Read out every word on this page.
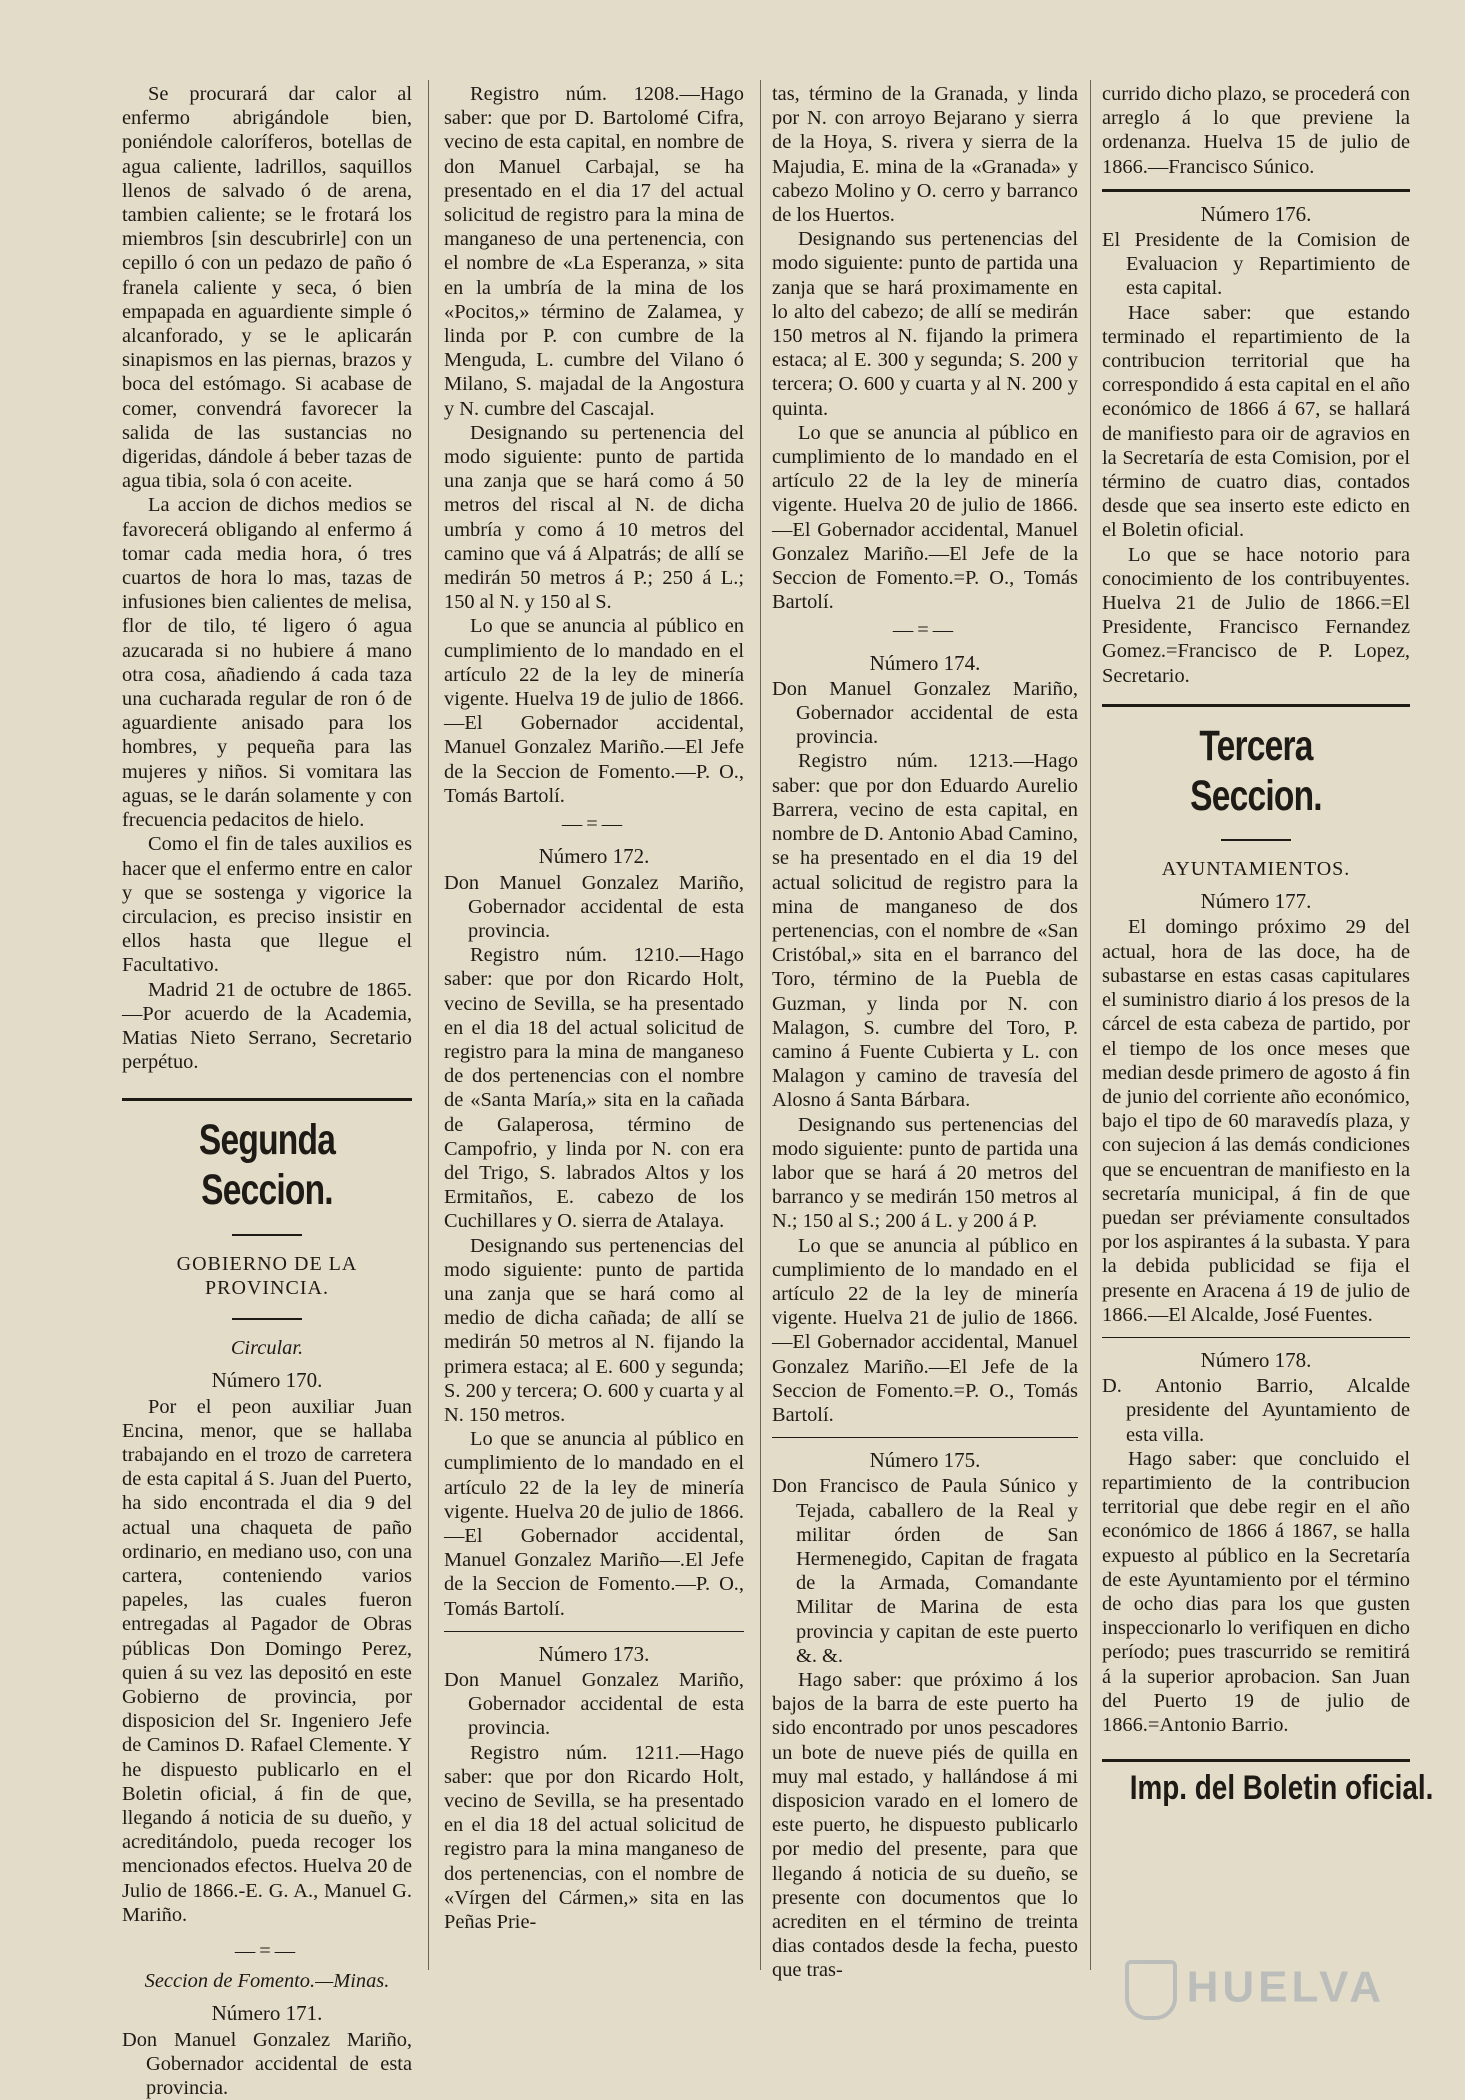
Se procurará dar calor al enfermo abrigándole bien, poniéndole caloríferos, botellas de agua caliente, ladrillos, saquillos llenos de salvado ó de arena, tambien caliente; se le frotará los miembros [sin descubrirle] con un cepillo ó con un pedazo de paño ó franela caliente y seca, ó bien empapada en aguardiente simple ó alcanforado, y se le aplicarán sinapismos en las piernas, brazos y boca del estómago. Si acabase de comer, convendrá favorecer la salida de las sustancias no digeridas, dándole á beber tazas de agua tibia, sola ó con aceite.

La accion de dichos medios se favorecerá obligando al enfermo á tomar cada media hora, ó tres cuartos de hora lo mas, tazas de infusiones bien calientes de melisa, flor de tilo, té ligero ó agua azucarada si no hubiere á mano otra cosa, añadiendo á cada taza una cucharada regular de ron ó de aguardiente anisado para los hombres, y pequeña para las mujeres y niños. Si vomitara las aguas, se le darán solamente y con frecuencia pedacitos de hielo.

Como el fin de tales auxilios es hacer que el enfermo entre en calor y que se sostenga y vigorice la circulacion, es preciso insistir en ellos hasta que llegue el Facultativo.

Madrid 21 de octubre de 1865. —Por acuerdo de la Academia, Matias Nieto Serrano, Secretario perpétuo.

Segunda Seccion.
GOBIERNO DE LA PROVINCIA.
Circular.
Número 170.

Por el peon auxiliar Juan Encina, menor, que se hallaba trabajando en el trozo de carretera de esta capital á S. Juan del Puerto, ha sido encontrada el dia 9 del actual una chaqueta de paño ordinario, en mediano uso, con una cartera, conteniendo varios papeles, las cuales fueron entregadas al Pagador de Obras públicas Don Domingo Perez, quien á su vez las depositó en este Gobierno de provincia, por disposicion del Sr. Ingeniero Jefe de Caminos D. Rafael Clemente. Y he dispuesto publicarlo en el Boletin oficial, á fin de que, llegando á noticia de su dueño, y acreditándolo, pueda recoger los mencionados efectos. Huelva 20 de Julio de 1866.-E. G. A., Manuel G. Mariño.

—=—
Seccion de Fomento.—Minas.
Número 171.

Don Manuel Gonzalez Mariño, Gobernador accidental de esta provincia.

Registro núm. 1208.—Hago saber: que por D. Bartolomé Cifra, vecino de esta capital, en nombre de don Manuel Carbajal, se ha presentado en el dia 17 del actual solicitud de registro para la mina de manganeso de una pertenencia, con el nombre de «La Esperanza, » sita en la umbría de la mina de los «Pocitos,» término de Zalamea, y linda por P. con cumbre de la Menguda, L. cumbre del Vilano ó Milano, S. majadal de la Angostura y N. cumbre del Cascajal.

Designando su pertenencia del modo siguiente: punto de partida una zanja que se hará como á 50 metros del riscal al N. de dicha umbría y como á 10 metros del camino que vá á Alpatrás; de allí se medirán 50 metros á P.; 250 á L.; 150 al N. y 150 al S.

Lo que se anuncia al público en cumplimiento de lo mandado en el artículo 22 de la ley de minería vigente. Huelva 19 de julio de 1866.—El Gobernador accidental, Manuel Gonzalez Mariño.—El Jefe de la Seccion de Fomento.—P. O., Tomás Bartolí.

—=—
Número 172.

Don Manuel Gonzalez Mariño, Gobernador accidental de esta provincia.

Registro núm. 1210.—Hago saber: que por don Ricardo Holt, vecino de Sevilla, se ha presentado en el dia 18 del actual solicitud de registro para la mina de manganeso de dos pertenencias con el nombre de «Santa María,» sita en la cañada de Galaperosa, término de Campofrio, y linda por N. con era del Trigo, S. labrados Altos y los Ermitaños, E. cabezo de los Cuchillares y O. sierra de Atalaya.

Designando sus pertenencias del modo siguiente: punto de partida una zanja que se hará como al medio de dicha cañada; de allí se medirán 50 metros al N. fijando la primera estaca; al E. 600 y segunda; S. 200 y tercera; O. 600 y cuarta y al N. 150 metros.

Lo que se anuncia al público en cumplimiento de lo mandado en el artículo 22 de la ley de minería vigente. Huelva 20 de julio de 1866.—El Gobernador accidental, Manuel Gonzalez Mariño—.El Jefe de la Seccion de Fomento.—P. O., Tomás Bartolí.

Número 173.

Don Manuel Gonzalez Mariño, Gobernador accidental de esta provincia.

Registro núm. 1211.—Hago saber: que por don Ricardo Holt, vecino de Sevilla, se ha presentado en el dia 18 del actual solicitud de registro para la mina manganeso de dos pertenencias, con el nombre de «Vírgen del Cármen,» sita en las Peñas Prie-

tas, término de la Granada, y linda por N. con arroyo Bejarano y sierra de la Hoya, S. rivera y sierra de la Majudia, E. mina de la «Granada» y cabezo Molino y O. cerro y barranco de los Huertos.

Designando sus pertenencias del modo siguiente: punto de partida una zanja que se hará proximamente en lo alto del cabezo; de allí se medirán 150 metros al N. fijando la primera estaca; al E. 300 y segunda; S. 200 y tercera; O. 600 y cuarta y al N. 200 y quinta.

Lo que se anuncia al público en cumplimiento de lo mandado en el artículo 22 de la ley de minería vigente. Huelva 20 de julio de 1866.—El Gobernador accidental, Manuel Gonzalez Mariño.—El Jefe de la Seccion de Fomento.=P. O., Tomás Bartolí.

—=—
Número 174.

Don Manuel Gonzalez Mariño, Gobernador accidental de esta provincia.

Registro núm. 1213.—Hago saber: que por don Eduardo Aurelio Barrera, vecino de esta capital, en nombre de D. Antonio Abad Camino, se ha presentado en el dia 19 del actual solicitud de registro para la mina de manganeso de dos pertenencias, con el nombre de «San Cristóbal,» sita en el barranco del Toro, término de la Puebla de Guzman, y linda por N. con Malagon, S. cumbre del Toro, P. camino á Fuente Cubierta y L. con Malagon y camino de travesía del Alosno á Santa Bárbara.

Designando sus pertenencias del modo siguiente: punto de partida una labor que se hará á 20 metros del barranco y se medirán 150 metros al N.; 150 al S.; 200 á L. y 200 á P.

Lo que se anuncia al público en cumplimiento de lo mandado en el artículo 22 de la ley de minería vigente. Huelva 21 de julio de 1866.—El Gobernador accidental, Manuel Gonzalez Mariño.—El Jefe de la Seccion de Fomento.=P. O., Tomás Bartolí.

Número 175.

Don Francisco de Paula Súnico y Tejada, caballero de la Real y militar órden de San Hermenegido, Capitan de fragata de la Armada, Comandante Militar de Marina de esta provincia y capitan de este puerto &. &.

Hago saber: que próximo á los bajos de la barra de este puerto ha sido encontrado por unos pescadores un bote de nueve piés de quilla en muy mal estado, y hallándose á mi disposicion varado en el lomero de este puerto, he dispuesto publicarlo por medio del presente, para que llegando á noticia de su dueño, se presente con documentos que lo acrediten en el término de treinta dias contados desde la fecha, puesto que tras-

currido dicho plazo, se procederá con arreglo á lo que previene la ordenanza. Huelva 15 de julio de 1866.—Francisco Súnico.

Número 176.

El Presidente de la Comision de Evaluacion y Repartimiento de esta capital.

Hace saber: que estando terminado el repartimiento de la contribucion territorial que ha correspondido á esta capital en el año económico de 1866 á 67, se hallará de manifiesto para oir de agravios en la Secretaría de esta Comision, por el término de cuatro dias, contados desde que sea inserto este edicto en el Boletin oficial.

Lo que se hace notorio para conocimiento de los contribuyentes. Huelva 21 de Julio de 1866.=El Presidente, Francisco Fernandez Gomez.=Francisco de P. Lopez, Secretario.

Tercera Seccion.
AYUNTAMIENTOS.
Número 177.

El domingo próximo 29 del actual, hora de las doce, ha de subastarse en estas casas capitulares el suministro diario á los presos de la cárcel de esta cabeza de partido, por el tiempo de los once meses que median desde primero de agosto á fin de junio del corriente año económico, bajo el tipo de 60 maravedís plaza, y con sujecion á las demás condiciones que se encuentran de manifiesto en la secretaría municipal, á fin de que puedan ser préviamente consultados por los aspirantes á la subasta. Y para la debida publicidad se fija el presente en Aracena á 19 de julio de 1866.—El Alcalde, José Fuentes.

Número 178.

D. Antonio Barrio, Alcalde presidente del Ayuntamiento de esta villa.

Hago saber: que concluido el repartimiento de la contribucion territorial que debe regir en el año económico de 1866 á 1867, se halla expuesto al público en la Secretaría de este Ayuntamiento por el término de ocho dias para los que gusten inspeccionarlo lo verifiquen en dicho período; pues trascurrido se remitirá á la superior aprobacion. San Juan del Puerto 19 de julio de 1866.=Antonio Barrio.

Imp. del Boletin oficial.
HUELVA
